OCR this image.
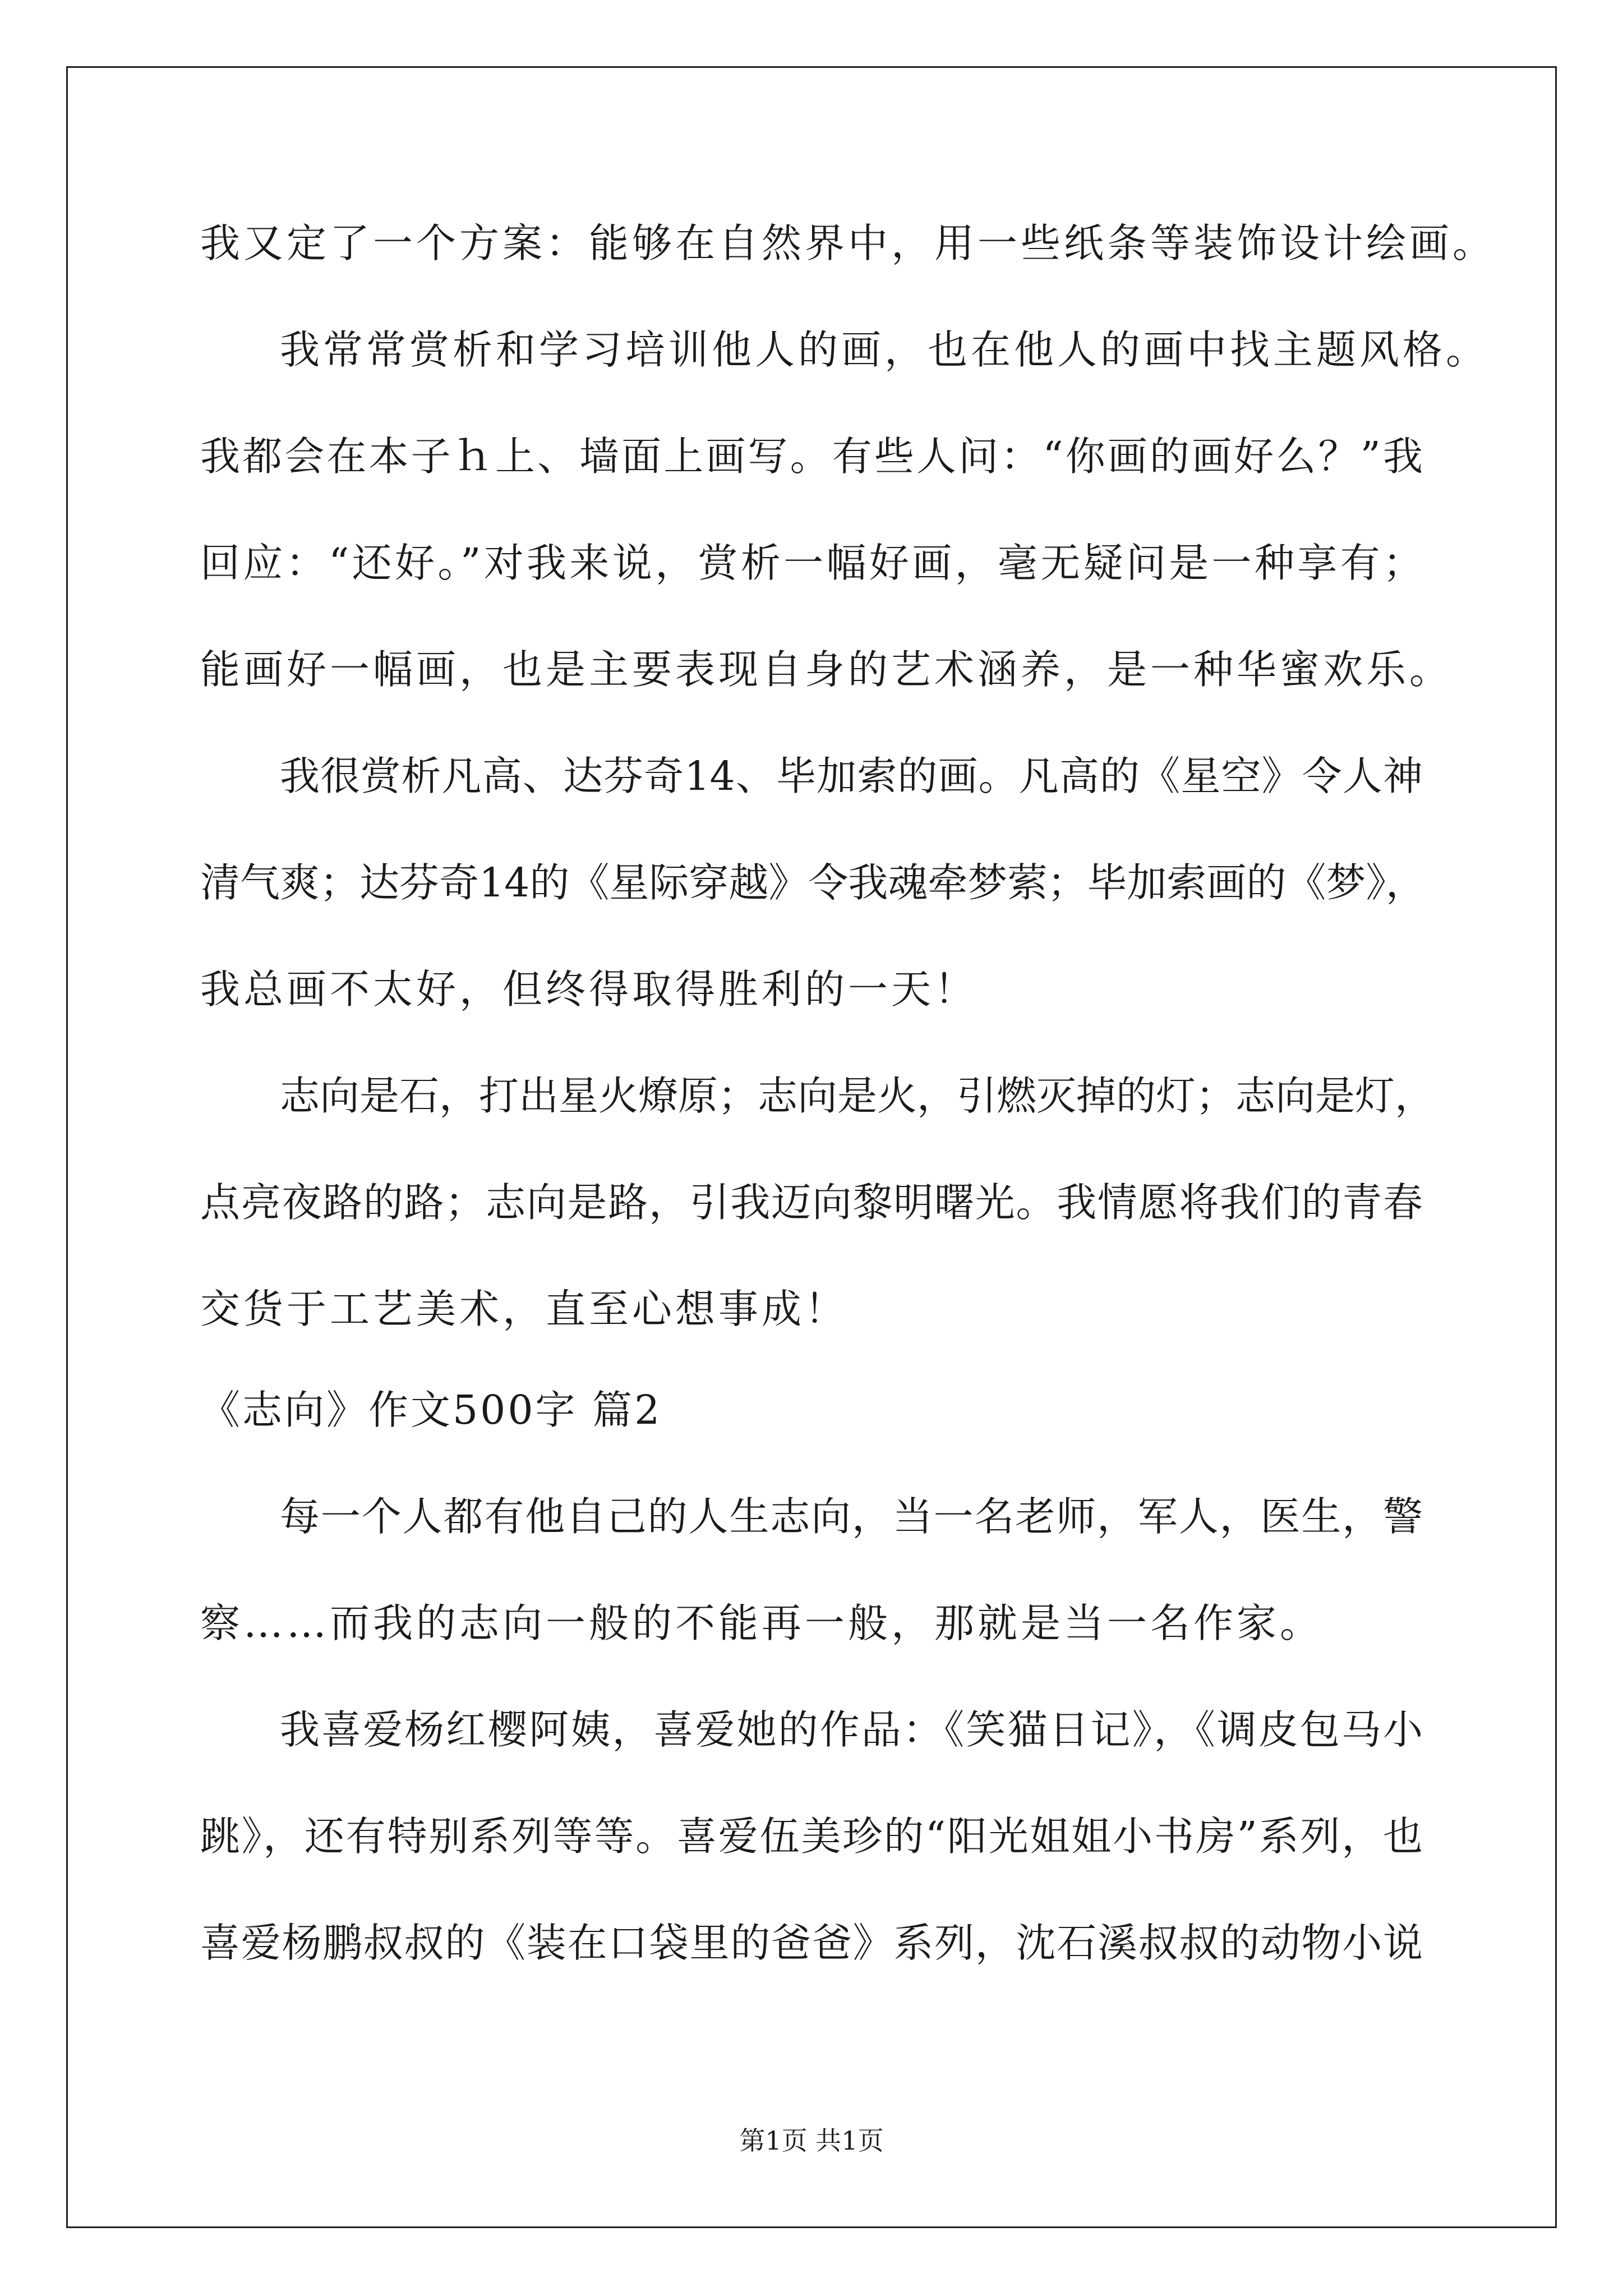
我又定了一个方案：能够在自然界中，用一些纸条等装饰设计绘画。
我常常赏析和学习培训他人的画，也在他人的画中找主题风格。
我都会在本子ｈ上、墙面上画写。有些人问：“你画的画好么？”我
回应：“还好。”对我来说，赏析一幅好画，毫无疑问是一种享有；
能画好一幅画，也是主要表现自身的艺术涵养，是一种华蜜欢乐。
我很赏析凡高、达芬奇14、毕加索的画。凡高的《星空》令人神
清气爽；达芬奇14的《星际穿越》令我魂牵梦萦；毕加索画的《梦》，
我总画不太好，但终得取得胜利的一天！
志向是石，打出星火燎原；志向是火，引燃灭掉的灯；志向是灯，
点亮夜路的路；志向是路，引我迈向黎明曙光。我情愿将我们的青春
交货于工艺美术，直至心想事成！
《志向》作文500字 篇2
每一个人都有他自己的人生志向，当一名老师，军人，医生，警
察……而我的志向一般的不能再一般，那就是当一名作家。
我喜爱杨红樱阿姨，喜爱她的作品：《笑猫日记》，《调皮包马小
跳》，还有特别系列等等。喜爱伍美珍的“阳光姐姐小书房”系列，也
喜爱杨鹏叔叔的《装在口袋里的爸爸》系列，沈石溪叔叔的动物小说
第1页 共1页
